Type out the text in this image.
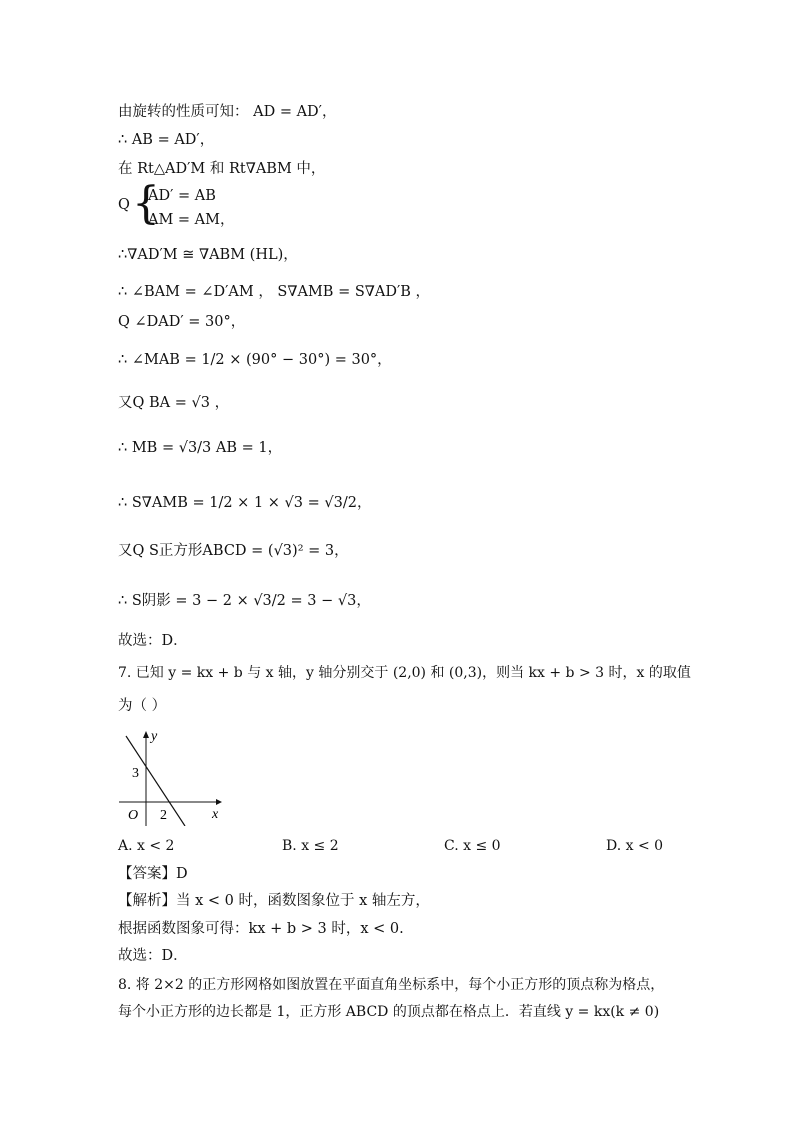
由旋转的性质可知： AD = AD′，
∴ AB = AD′，
在 Rt△AD′M 和 Rt∇ABM 中，
Q {
AD′ = AB
AM = AM，
∴∇AD′M ≅ ∇ABM (HL)，
∴ ∠BAM = ∠D′AM ， S∇AMB = S∇AD′B ，
Q ∠DAD′ = 30°，
∴ ∠MAB = 1/2 × (90° − 30°) = 30°，
又Q BA = √3 ，
∴ MB = √3/3 AB = 1，
∴ S∇AMB = 1/2 × 1 × √3 = √3/2，
又Q S正方形ABCD = (√3)² = 3，
∴ S阴影 = 3 − 2 × √3/2 = 3 − √3，
故选：D．
7. 已知 y = kx + b 与 x 轴，y 轴分别交于 (2,0) 和 (0,3)，则当 kx + b > 3 时，x 的取值
为（ ）
y
x
O
3
2
A. x < 2	B. x ≤ 2	C. x ≤ 0	D. x < 0
【答案】D
【解析】当 x < 0 时，函数图象位于 x 轴左方，
根据函数图象可得：kx + b > 3 时，x < 0.
故选：D．
8. 将 2×2 的正方形网格如图放置在平面直角坐标系中，每个小正方形的顶点称为格点，
每个小正方形的边长都是 1，正方形 ABCD 的顶点都在格点上．若直线 y = kx(k ≠ 0)
